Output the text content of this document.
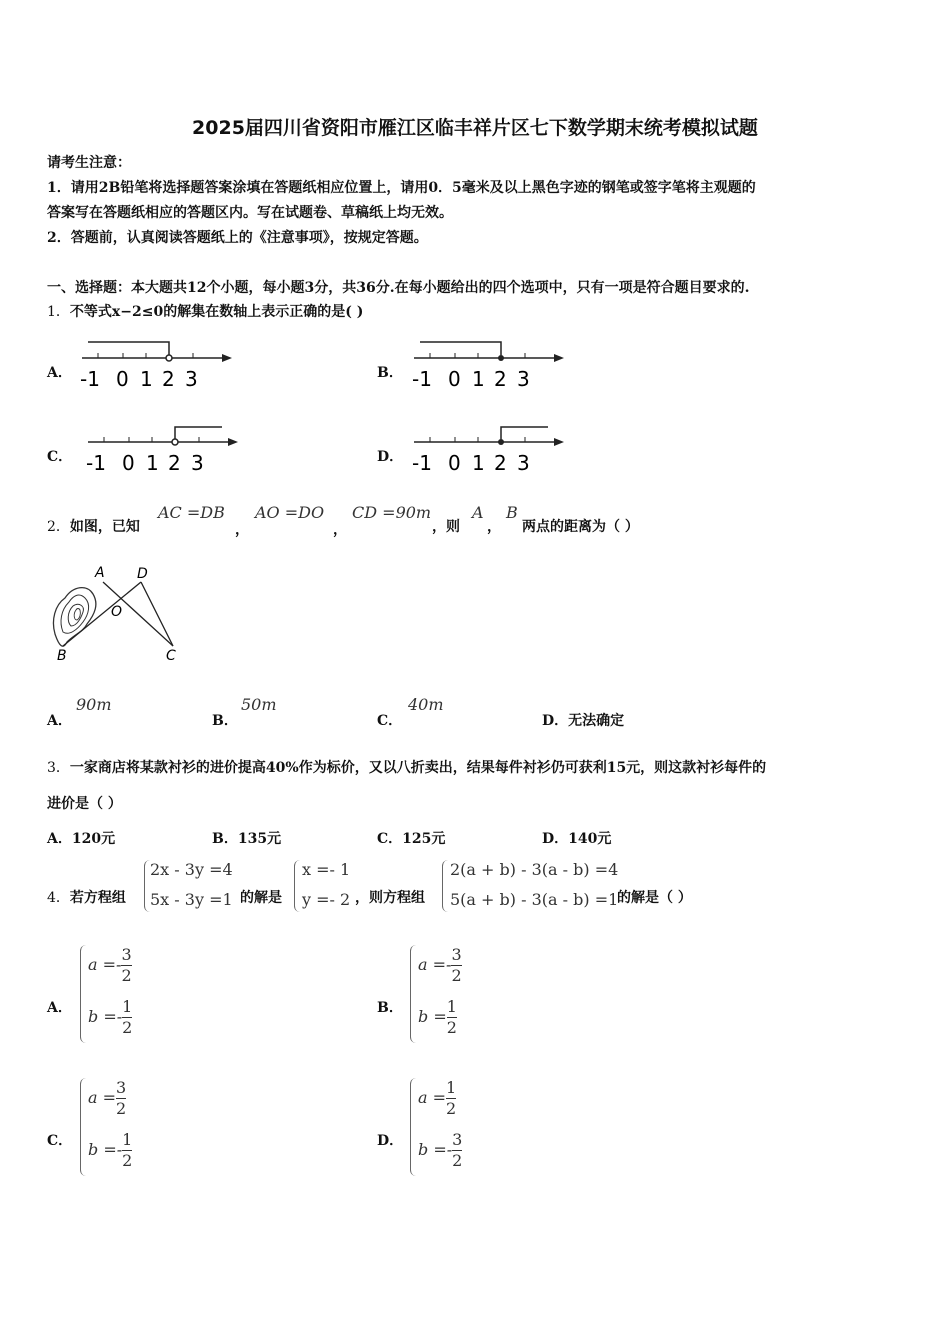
2025届四川省资阳市雁江区临丰祥片区七下数学期末统考模拟试题
请考生注意：
1．请用2B铅笔将选择题答案涂填在答题纸相应位置上，请用0．5毫米及以上黑色字迹的钢笔或签字笔将主观题的
答案写在答题纸相应的答题区内。写在试题卷、草稿纸上均无效。
2．答题前，认真阅读答题纸上的《注意事项》，按规定答题。
一、选择题：本大题共12个小题，每小题3分，共36分.在每小题给出的四个选项中，只有一项是符合题目要求的.
1．不等式x−2≤0的解集在数轴上表示正确的是( )
A．	B．
C．	D．
-1 0 1 2 3	-1 0 1 2 3
-1 0 1 2 3	-1 0 1 2 3
2．如图，已知
AC =DB
，
AO =DO
，
CD =90m
，则
A
，
B
两点的距离为（ ）
A D
O
B	C
A．
90m
B．
50m
C．
40m
D．无法确定
3．一家商店将某款衬衫的进价提高40%作为标价，又以八折卖出，结果每件衬衫仍可获利15元，则这款衬衫每件的
进价是（ ）
A．120元	B．135元	C．125元	D．140元
4．若方程组
2x - 3y =4
5x - 3y =1 的解是
x =- 1
y =- 2 ，则方程组
2(a + b) - 3(a - b) =4
5(a + b) - 3(a - b) =1
的解是（ ）
A．
$a =- \frac{3}{2}$
$b =- \frac{1}{2}$	B．
$a =- \frac{3}{2}$
$b = \frac{1}{2}$
C．
$a = \frac{3}{2}$
$b =- \frac{1}{2}$	D．
$a = \frac{1}{2}$
$b =- \frac{3}{2}$
